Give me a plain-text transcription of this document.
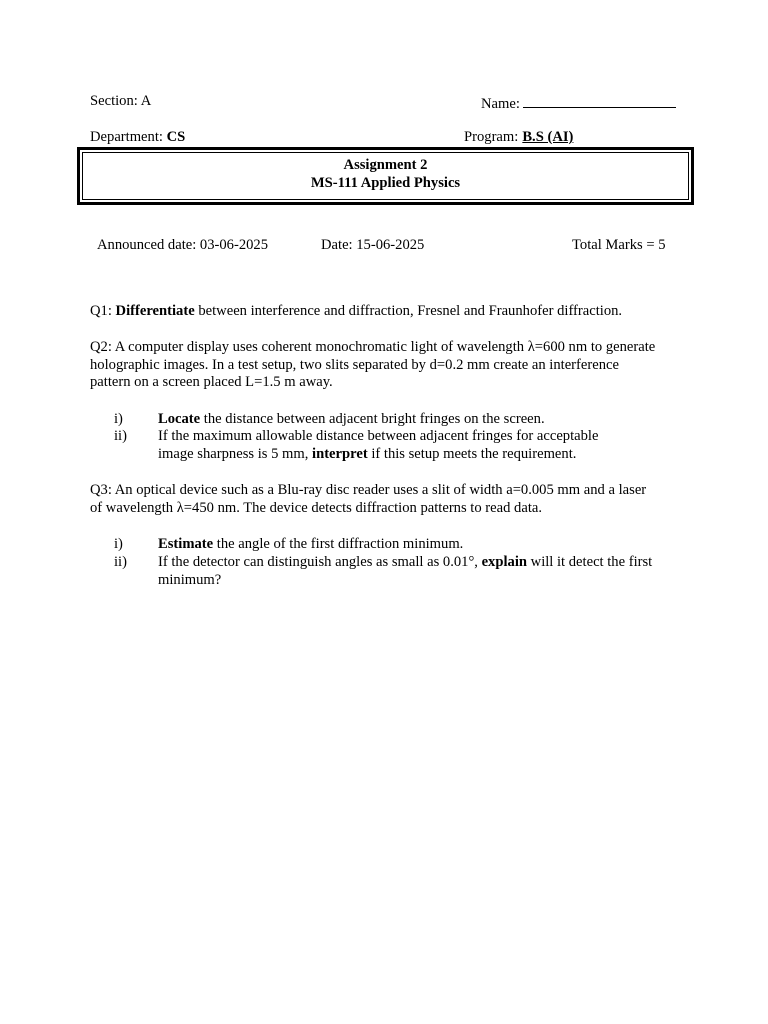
Section: A	Name:
Department: CS	Program: B.S (AI)
Assignment 2
MS-111 Applied Physics
Announced date: 03-06-2025	Date: 15-06-2025	Total Marks = 5

Q1: Differentiate between interference and diffraction, Fresnel and Fraunhofer diffraction.

Q2: A computer display uses coherent monochromatic light of wavelength λ=600 nm to generate

holographic images. In a test setup, two slits separated by d=0.2 mm create an interference

pattern on a screen placed L=1.5 m away.

i) Locate the distance between adjacent bright fringes on the screen.
ii) If the maximum allowable distance between adjacent fringes for acceptable
image sharpness is 5 mm, interpret if this setup meets the requirement.

Q3: An optical device such as a Blu-ray disc reader uses a slit of width a=0.005 mm and a laser

of wavelength λ=450 nm. The device detects diffraction patterns to read data.

i) Estimate the angle of the first diffraction minimum.
ii) If the detector can distinguish angles as small as 0.01°, explain will it detect the first
minimum?
